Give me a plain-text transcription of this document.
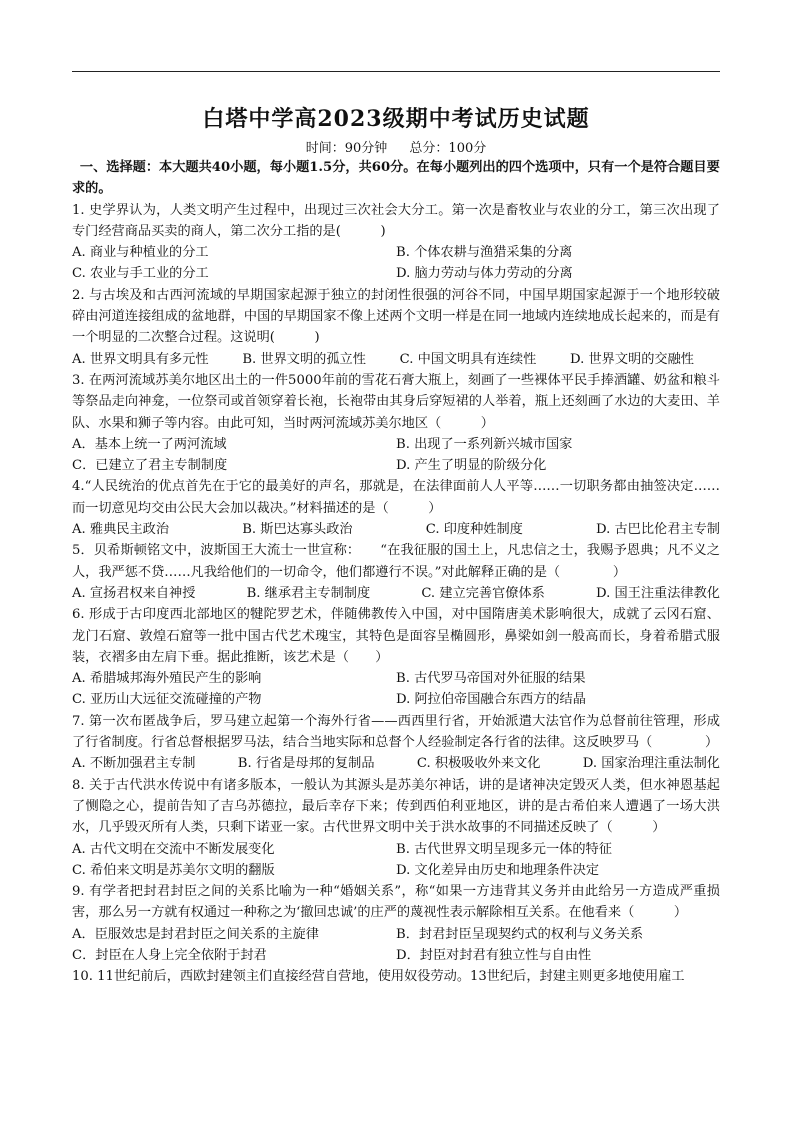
白塔中学高2023级期中考试历史试题
时间：90分钟 总分：100分
一、选择题：本大题共40小题，每小题1.5分，共60分。在每小题列出的四个选项中，只有一个是符合题目要求的。

1. 史学界认为，人类文明产生过程中，出现过三次社会大分工。第一次是畜牧业与农业的分工，第三次出现了专门经营商品买卖的商人，第二次分工指的是(　　　)

A. 商业与种植业的分工	B. 个体农耕与渔猎采集的分离
C. 农业与手工业的分工	D. 脑力劳动与体力劳动的分离

2. 与古埃及和古西河流域的早期国家起源于独立的封闭性很强的河谷不同，中国早期国家起源于一个地形较破碎由河道连接组成的盆地群，中国的早期国家不像上述两个文明一样是在同一地域内连续地成长起来的，而是有一个明显的二次整合过程。这说明(　　　)

A. 世界文明具有多元性	B. 世界文明的孤立性	C. 中国文明具有连续性	D. 世界文明的交融性

3. 在两河流域苏美尔地区出土的一件5000年前的雪花石膏大瓶上，刻画了一些裸体平民手捧酒罐、奶盆和粮斗等祭品走向神龛，一位祭司或首领穿着长袍，长袍带由其身后穿短裙的人举着，瓶上还刻画了水边的大麦田、羊队、水果和狮子等内容。由此可知，当时两河流域苏美尔地区（　　　）

A．基本上统一了两河流域	B. 出现了一系列新兴城市国家
C．已建立了君主专制制度	D. 产生了明显的阶级分化

4.“人民统治的优点首先在于它的最美好的声名，那就是，在法律面前人人平等……一切职务都由抽签决定……而一切意见均交由公民大会加以裁决。”材料描述的是（　　　）

A. 雅典民主政治	B. 斯巴达寡头政治	C. 印度种姓制度	D. 古巴比伦君主专制

5．贝希斯顿铭文中，波斯国王大流士一世宣称：　　“在我征服的国土上，凡忠信之士，我赐予恩典；凡不义之人，我严惩不贷……凡我给他们的一切命令，他们都遵行不误。”对此解释正确的是（　　　　）

A. 宣扬君权来自神授	B. 继承君主专制制度	C. 建立完善官僚体系	D. 国王注重法律教化

6. 形成于古印度西北部地区的犍陀罗艺术，伴随佛教传入中国，对中国隋唐美术影响很大，成就了云冈石窟、龙门石窟、敦煌石窟等一批中国古代艺术瑰宝，其特色是面容呈椭圆形，鼻梁如剑一般高而长，身着希腊式服装，衣褶多由左肩下垂。据此推断，该艺术是（　　）

A. 希腊城邦海外殖民产生的影响	B. 古代罗马帝国对外征服的结果
C. 亚历山大远征交流碰撞的产物	D. 阿拉伯帝国融合东西方的结晶

7. 第一次布匿战争后，罗马建立起第一个海外行省——西西里行省，开始派遣大法官作为总督前往管理，形成了行省制度。行省总督根据罗马法，结合当地实际和总督个人经验制定各行省的法律。这反映罗马（　　　　）

A. 不断加强君主专制	B. 行省是母邦的复制品	C. 积极吸收外来文化	D. 国家治理注重法制化

8. 关于古代洪水传说中有诸多版本，一般认为其源头是苏美尔神话，讲的是诸神决定毁灭人类，但水神恩基起了恻隐之心，提前告知了吉乌苏德拉，最后幸存下来；传到西伯利亚地区，讲的是古希伯来人遭遇了一场大洪水，几乎毁灭所有人类，只剩下诺亚一家。古代世界文明中关于洪水故事的不同描述反映了（　　　）

A. 古代文明在交流中不断发展变化	B. 古代世界文明呈现多元一体的特征
C. 希伯来文明是苏美尔文明的翻版	D. 文化差异由历史和地理条件决定

9. 有学者把封君封臣之间的关系比喻为一种“婚姻关系”，称“如果一方违背其义务并由此给另一方造成严重损害，那么另一方就有权通过一种称之为‘撤回忠诚’的庄严的蔑视性表示解除相互关系。在他看来（　　　）

A．臣服效忠是封君封臣之间关系的主旋律	B．封君封臣呈现契约式的权利与义务关系
C．封臣在人身上完全依附于封君	D．封臣对封君有独立性与自由性

10. 11世纪前后，西欧封建领主们直接经营自营地，使用奴役劳动。13世纪后，封建主则更多地使用雇工
